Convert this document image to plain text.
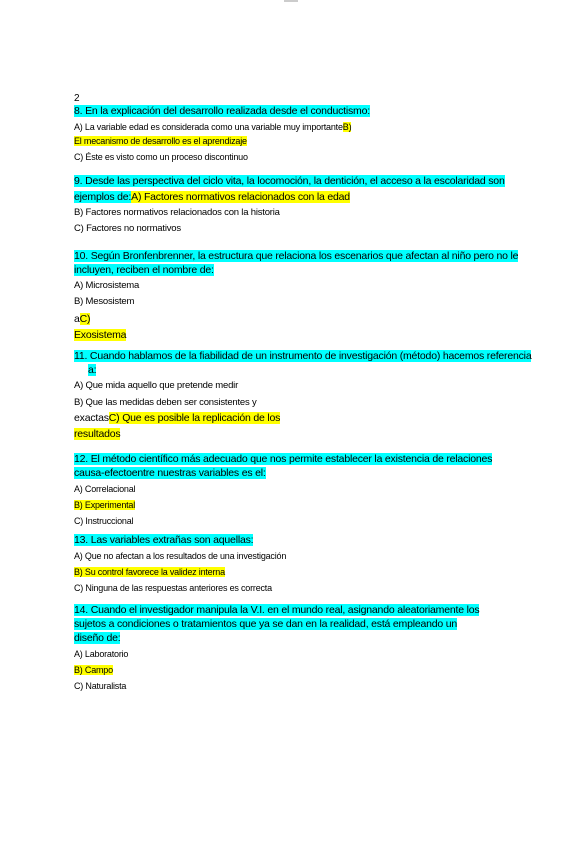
2
8. En la explicación del desarrollo realizada desde el conductismo:
A) La variable edad es considerada como una variable muy importanteB)
El mecanismo de desarrollo es el aprendizaje
C) Éste es visto como un proceso discontinuo
9. Desde las perspectiva del ciclo vita, la locomoción, la dentición, el acceso a la escolaridad son
ejemplos de:A) Factores normativos relacionados con la edad
B) Factores normativos relacionados con la historia
C) Factores no normativos
10. Según Bronfenbrenner, la estructura que relaciona los escenarios que afectan al niño pero no le
incluyen, reciben el nombre de:
A) Microsistema
B) Mesosistem
aC)
Exosistema
11. Cuando hablamos de la fiabilidad de un instrumento de investigación (método) hacemos referencia
a:
A) Que mida aquello que pretende medir
B) Que las medidas deben ser consistentes y
exactasC) Que es posible la replicación de los
resultados
12. El método científico más adecuado que nos permite establecer la existencia de relaciones
causa-efectoentre nuestras variables es el:
A) Correlacional
B) Experimental
C) Instruccional
13. Las variables extrañas son aquellas:
A) Que no afectan a los resultados de una investigación
B) Su control favorece la validez interna
C) Ninguna de las respuestas anteriores es correcta
14. Cuando el investigador manipula la V.I. en el mundo real, asignando aleatoriamente los
sujetos a condiciones o tratamientos que ya se dan en la realidad, está empleando un
diseño de:
A) Laboratorio
B) Campo
C) Naturalista
